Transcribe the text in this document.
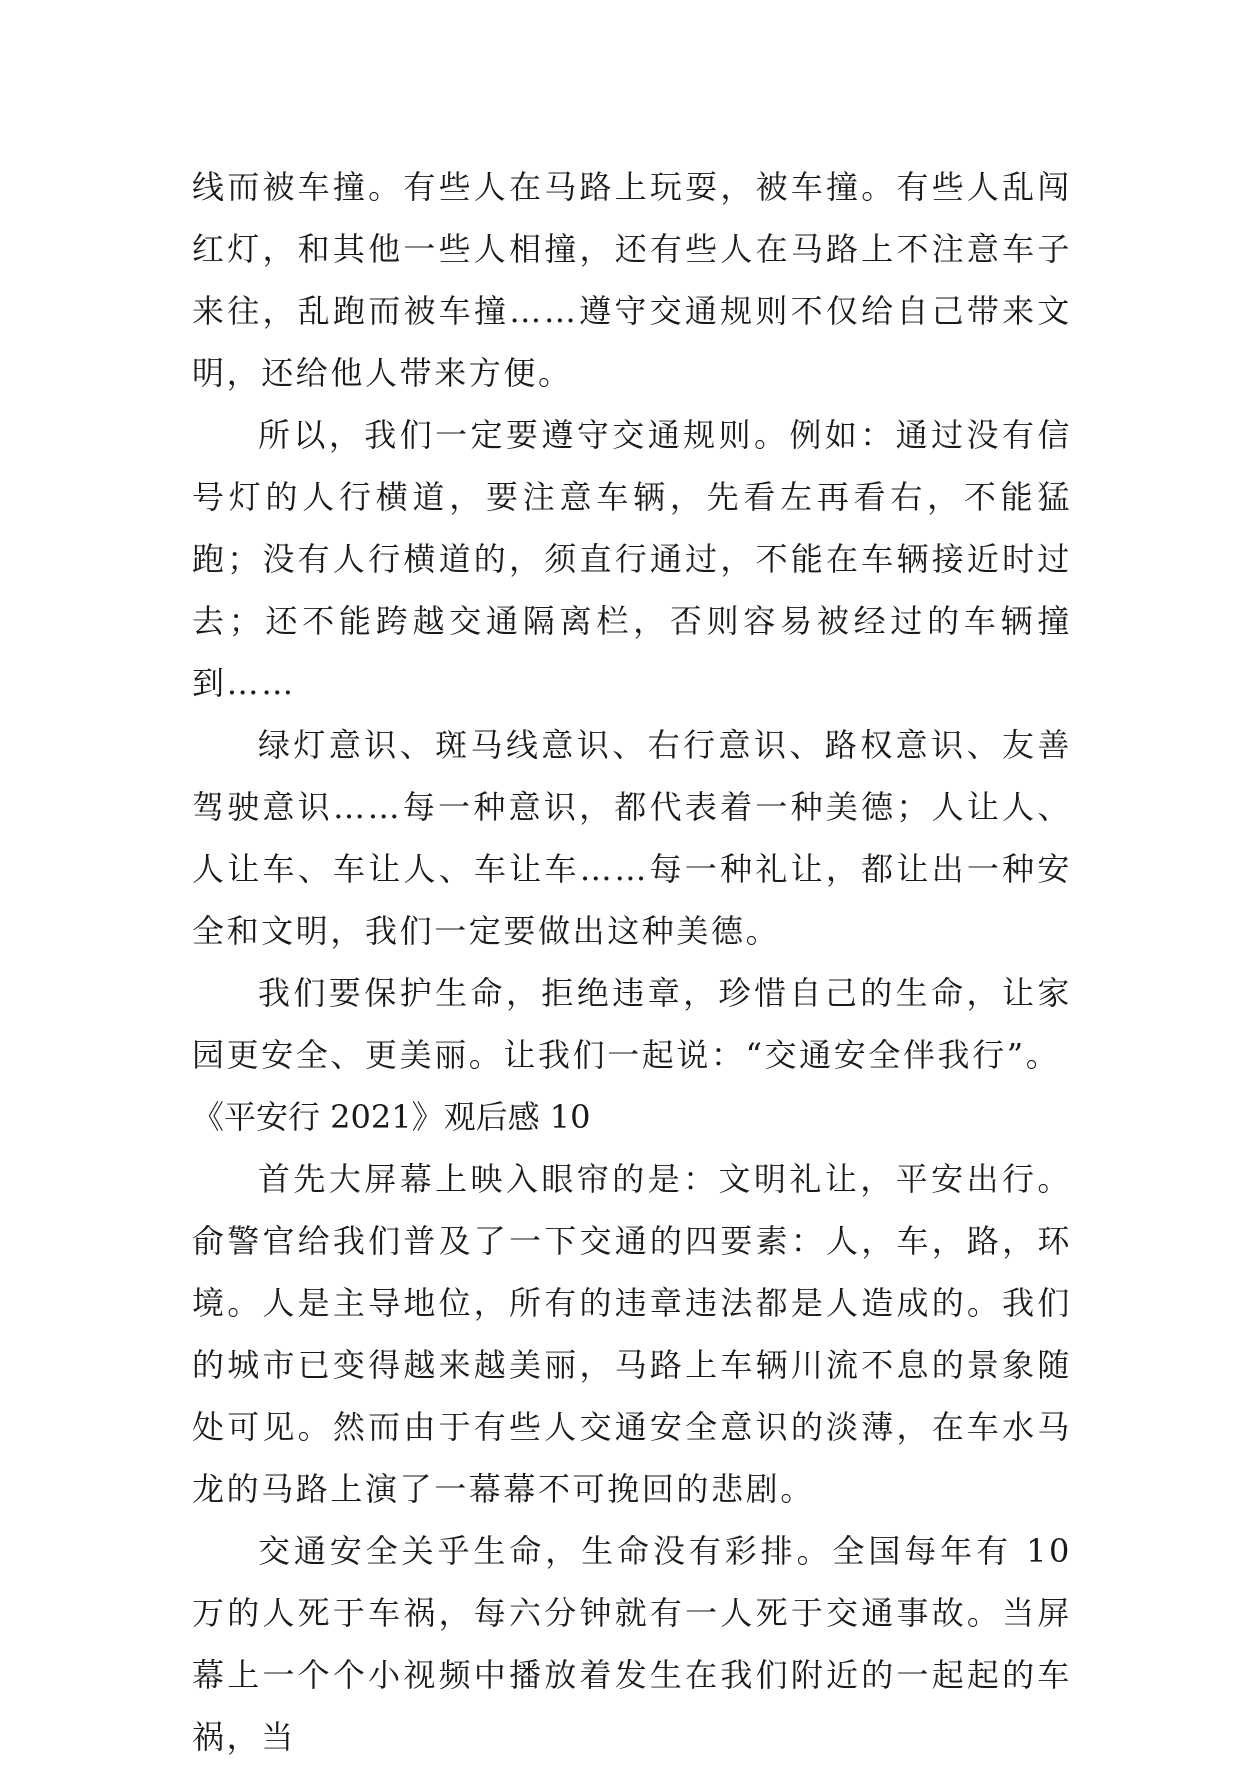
线而被车撞。有些人在马路上玩耍，被车撞。有些人乱闯红灯，和其他一些人相撞，还有些人在马路上不注意车子来往，乱跑而被车撞……遵守交通规则不仅给自己带来文明，还给他人带来方便。

所以，我们一定要遵守交通规则。例如：通过没有信号灯的人行横道，要注意车辆，先看左再看右，不能猛跑；没有人行横道的，须直行通过，不能在车辆接近时过去；还不能跨越交通隔离栏，否则容易被经过的车辆撞到……

绿灯意识、斑马线意识、右行意识、路权意识、友善驾驶意识……每一种意识，都代表着一种美德；人让人、人让车、车让人、车让车……每一种礼让，都让出一种安全和文明，我们一定要做出这种美德。

我们要保护生命，拒绝违章，珍惜自己的生命，让家园更安全、更美丽。让我们一起说：“交通安全伴我行”。

《平安行 2021》观后感 10

首先大屏幕上映入眼帘的是：文明礼让，平安出行。俞警官给我们普及了一下交通的四要素：人，车，路，环境。人是主导地位，所有的违章违法都是人造成的。我们的城市已变得越来越美丽，马路上车辆川流不息的景象随处可见。然而由于有些人交通安全意识的淡薄，在车水马龙的马路上演了一幕幕不可挽回的悲剧。

交通安全关乎生命，生命没有彩排。全国每年有 10 万的人死于车祸，每六分钟就有一人死于交通事故。当屏幕上一个个小视频中播放着发生在我们附近的一起起的车祸，当
